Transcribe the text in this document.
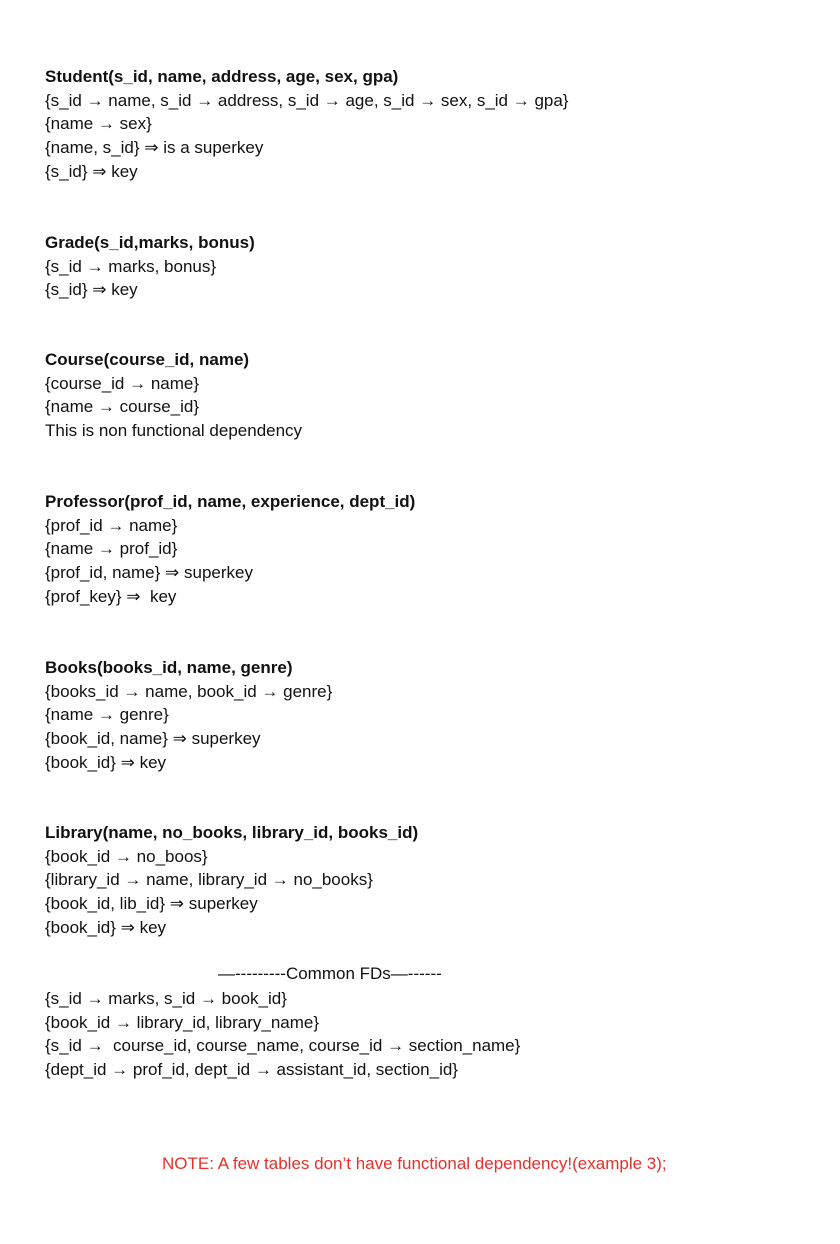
Student(s_id, name, address, age, sex, gpa)
{s_id → name, s_id → address, s_id → age, s_id → sex, s_id → gpa}
{name → sex}
{name, s_id} ⇒ is a superkey
{s_id} ⇒ key
Grade(s_id,marks, bonus)
{s_id → marks, bonus}
{s_id} ⇒ key
Course(course_id, name)
{course_id → name}
{name → course_id}
This is non functional dependency
Professor(prof_id, name, experience, dept_id)
{prof_id → name}
{name → prof_id}
{prof_id, name} ⇒ superkey
{prof_key} ⇒  key
Books(books_id, name, genre)
{books_id → name, book_id → genre}
{name → genre}
{book_id, name} ⇒ superkey
{book_id} ⇒ key
Library(name, no_books, library_id, books_id)
{book_id → no_boos}
{library_id → name, library_id → no_books}
{book_id, lib_id} ⇒ superkey
{book_id} ⇒ key
—---------Common FDs—------
{s_id → marks, s_id → book_id}
{book_id → library_id, library_name}
{s_id →  course_id, course_name, course_id → section_name}
{dept_id → prof_id, dept_id → assistant_id, section_id}
NOTE: A few tables don’t have functional dependency!(example 3);
